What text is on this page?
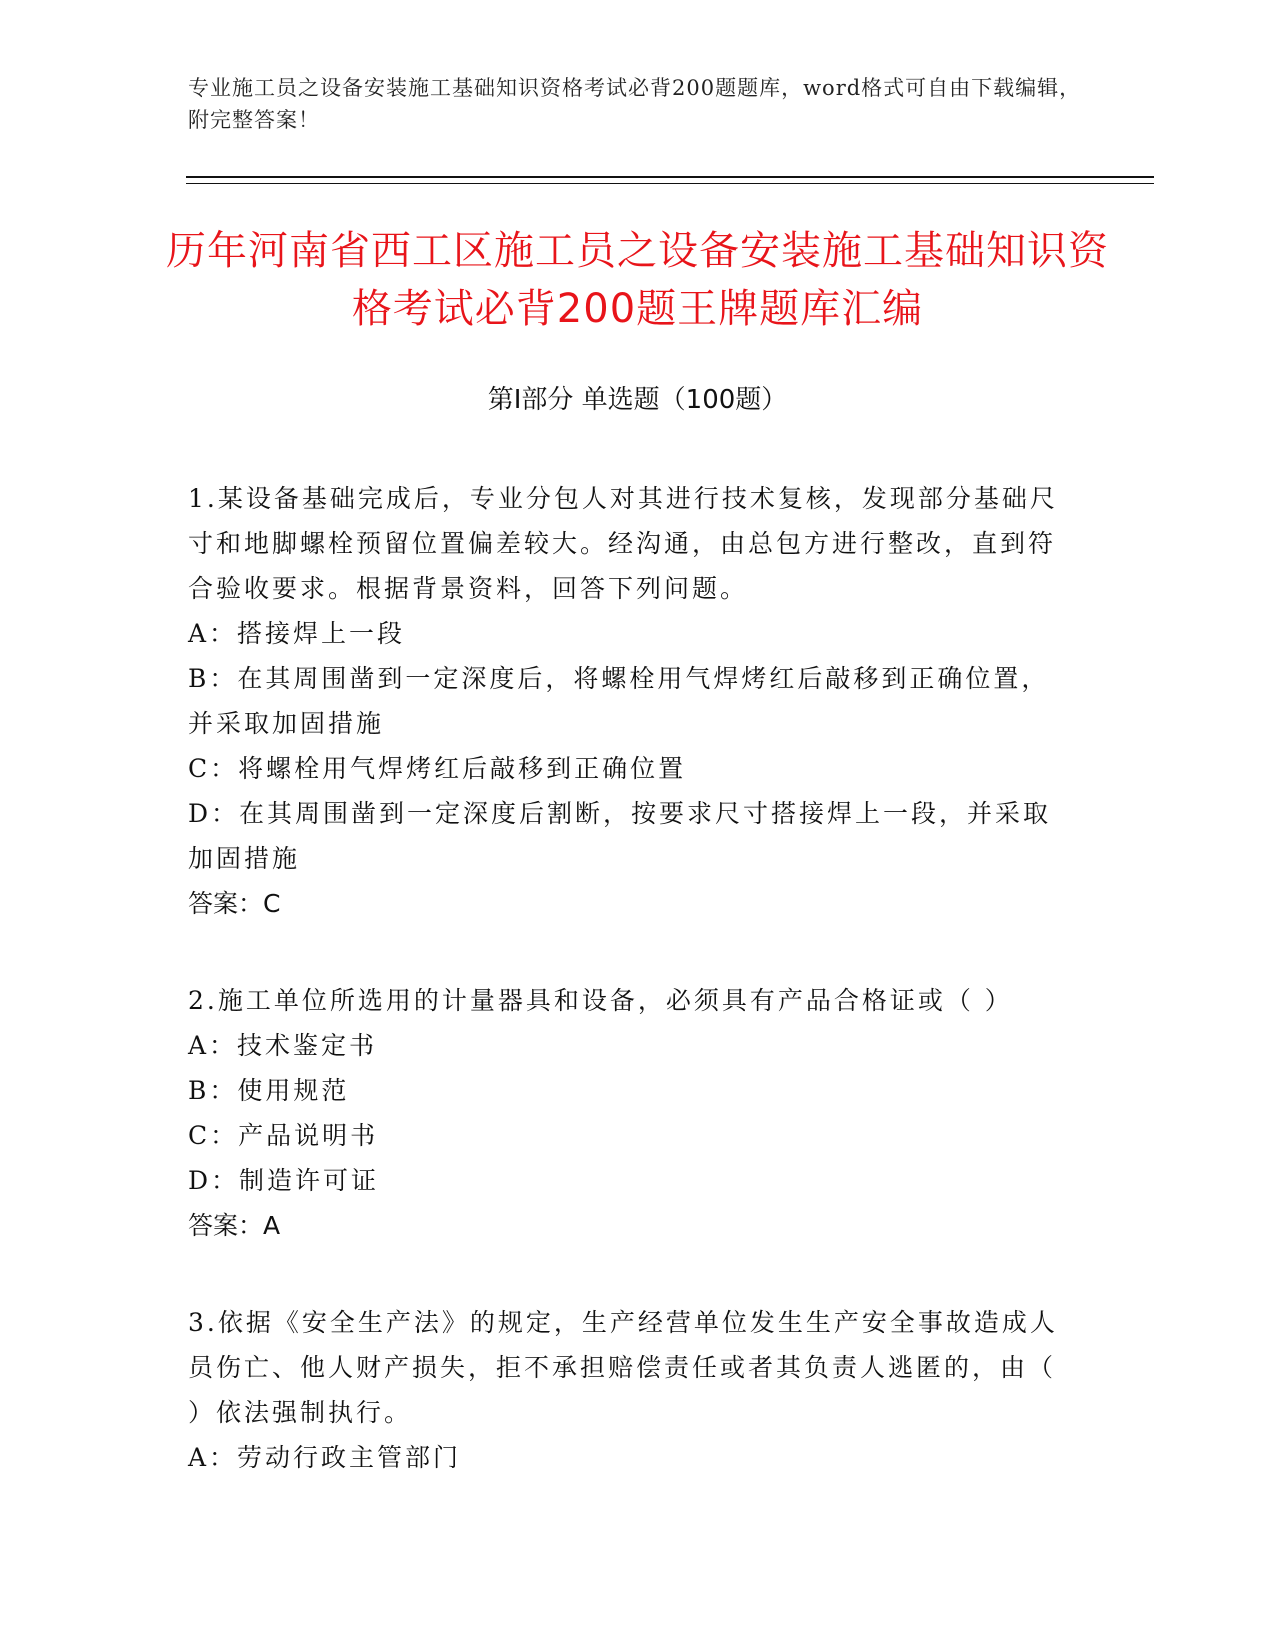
专业施工员之设备安装施工基础知识资格考试必背200题题库，word格式可自由下载编辑，附完整答案！
历年河南省西工区施工员之设备安装施工基础知识资格考试必背200题王牌题库汇编
第Ⅰ部分 单选题（100题）

1.某设备基础完成后，专业分包人对其进行技术复核，发现部分基础尺寸和地脚螺栓预留位置偏差较大。经沟通，由总包方进行整改，直到符合验收要求。根据背景资料，回答下列问题。

A：搭接焊上一段

B：在其周围凿到一定深度后，将螺栓用气焊烤红后敲移到正确位置，并采取加固措施

C：将螺栓用气焊烤红后敲移到正确位置

D：在其周围凿到一定深度后割断，按要求尺寸搭接焊上一段，并采取加固措施

答案：C

2.施工单位所选用的计量器具和设备，必须具有产品合格证或（ ）

A：技术鉴定书

B：使用规范

C：产品说明书

D：制造许可证

答案：A

3.依据《安全生产法》的规定，生产经营单位发生生产安全事故造成人员伤亡、他人财产损失，拒不承担赔偿责任或者其负责人逃匿的，由（ ）依法强制执行。

A：劳动行政主管部门
